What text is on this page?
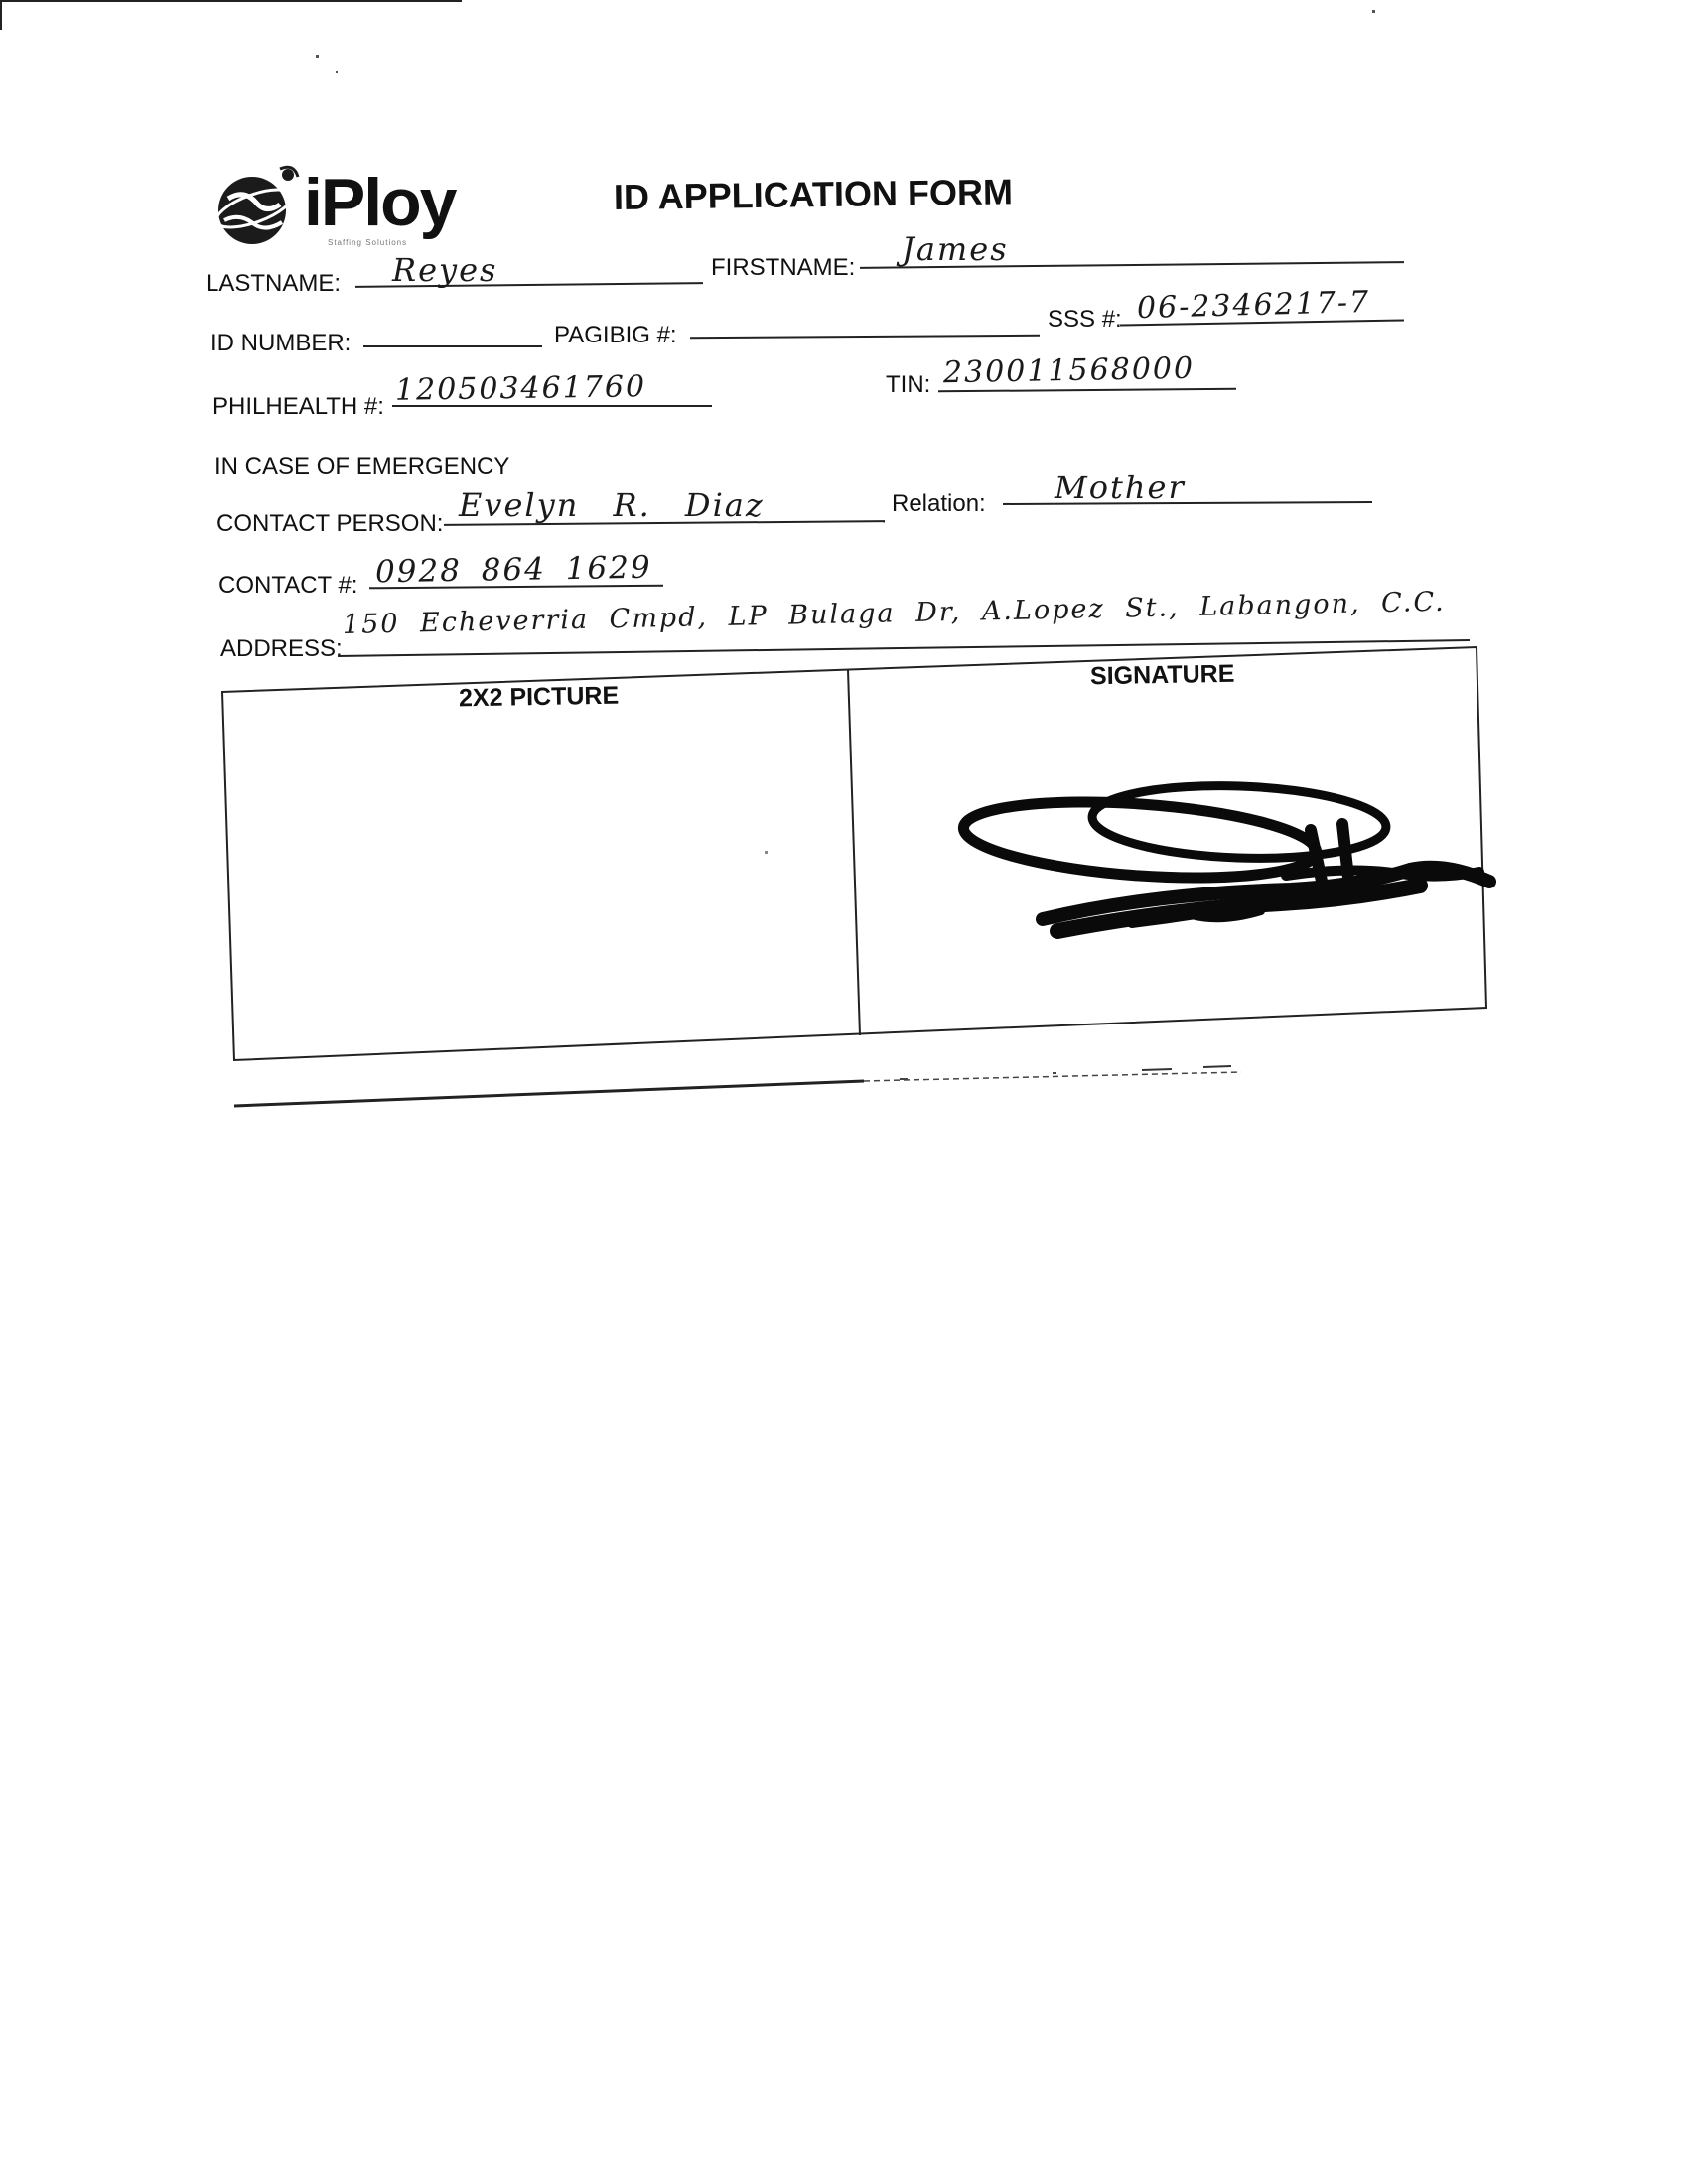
iPloy
Staffing Solutions
ID APPLICATION FORM
LASTNAME: Reyes	FIRSTNAME: James
ID NUMBER:	PAGIBIG #:
SSS #: 06-2346217-7
PHILHEALTH #: 120503461760	TIN: 230011568000
IN CASE OF EMERGENCY
CONTACT PERSON: Evelyn R. Diaz	Relation: Mother
CONTACT #: 0928 864 1629
ADDRESS:
150 Echeverria Cmpd, LP Bulaga Dr, A.Lopez St., Labangon, C.C.
2X2 PICTURE
SIGNATURE
